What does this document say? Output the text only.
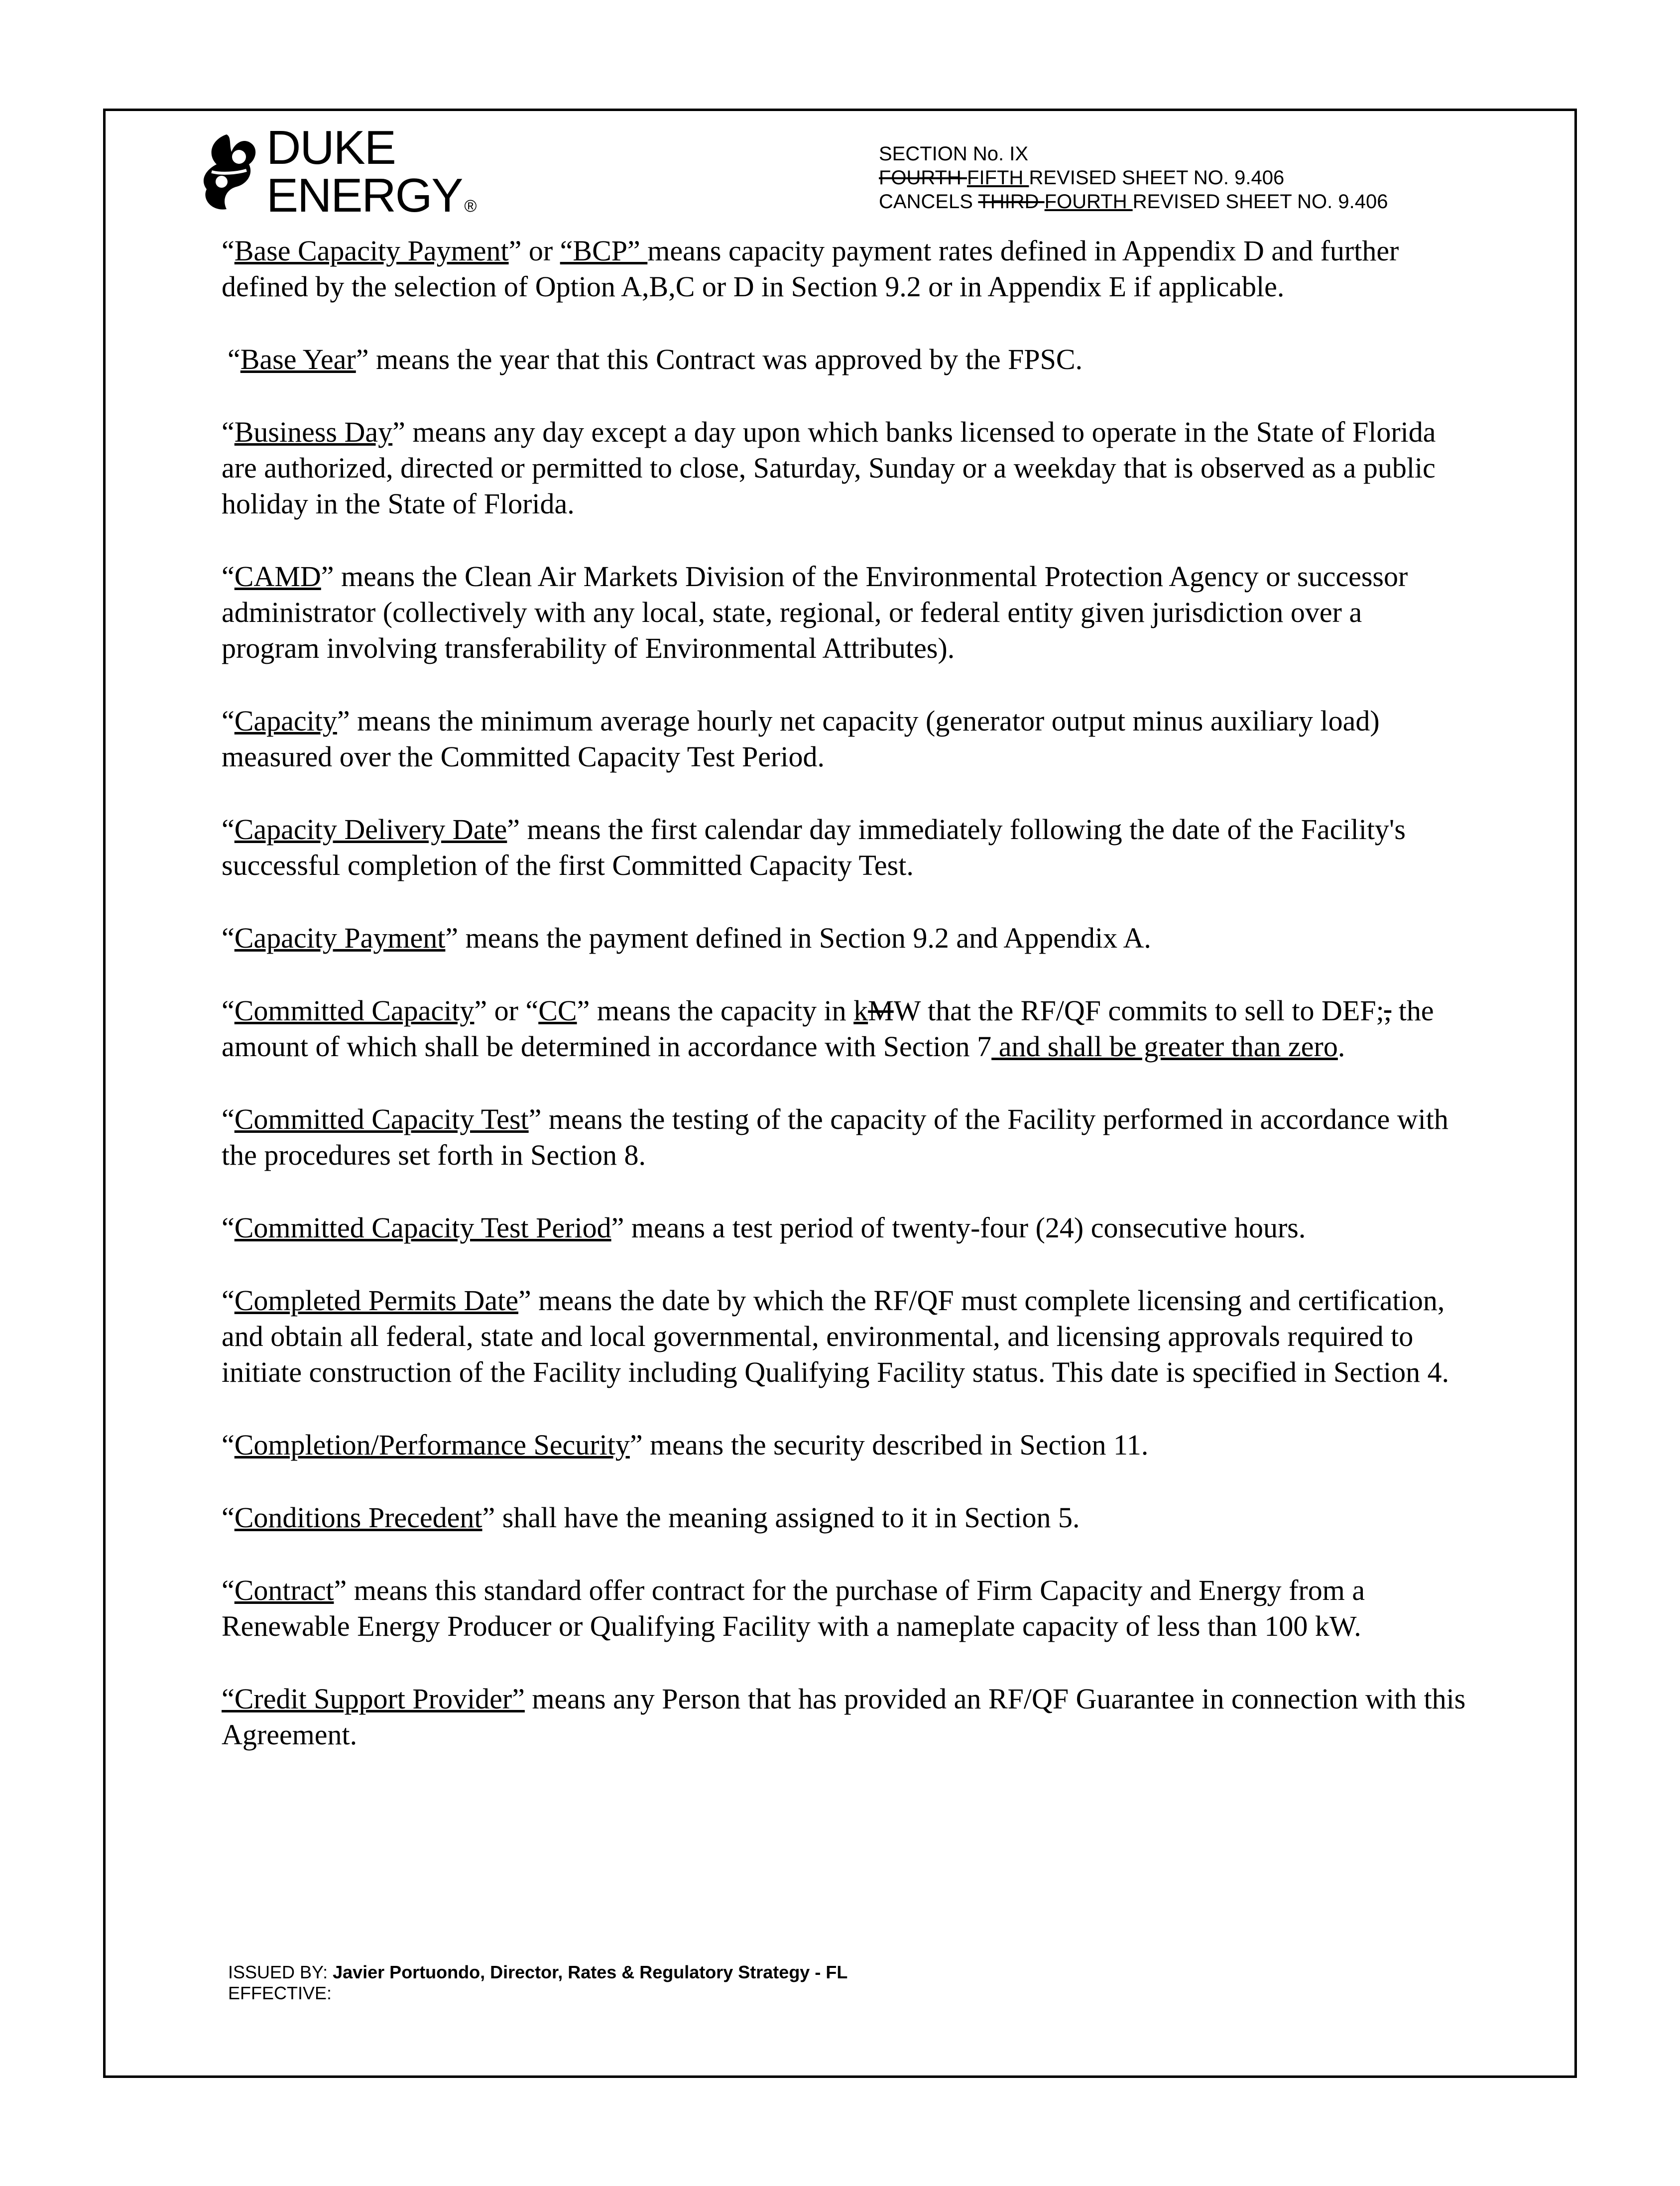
DUKE
ENERGY ®
SECTION No. IX
FOURTH FIFTH REVISED SHEET NO. 9.406
CANCELS THIRD FOURTH REVISED SHEET NO. 9.406

“Base Capacity Payment” or “BCP” means capacity payment rates defined in Appendix D and further defined by the selection of Option A,B,C or D in Section 9.2 or in Appendix E if applicable.

“Base Year” means the year that this Contract was approved by the FPSC.

“Business Day” means any day except a day upon which banks licensed to operate in the State of Florida are authorized, directed or permitted to close, Saturday, Sunday or a weekday that is observed as a public holiday in the State of Florida.

“CAMD” means the Clean Air Markets Division of the Environmental Protection Agency or successor administrator (collectively with any local, state, regional, or federal entity given jurisdiction over a program involving transferability of Environmental Attributes).

“Capacity” means the minimum average hourly net capacity (generator output minus auxiliary load) measured over the Committed Capacity Test Period.

“Capacity Delivery Date” means the first calendar day immediately following the date of the Facility's successful completion of the first Committed Capacity Test.

“Capacity Payment” means the payment defined in Section 9.2 and Appendix A.

“Committed Capacity” or “CC” means the capacity in kMW that the RF/QF commits to sell to DEF;, the amount of which shall be determined in accordance with Section 7 and shall be greater than zero.

“Committed Capacity Test” means the testing of the capacity of the Facility performed in accordance with the procedures set forth in Section 8.

“Committed Capacity Test Period” means a test period of twenty-four (24) consecutive hours.

“Completed Permits Date” means the date by which the RF/QF must complete licensing and certification, and obtain all federal, state and local governmental, environmental, and licensing approvals required to initiate construction of the Facility including Qualifying Facility status. This date is specified in Section 4.

“Completion/Performance Security” means the security described in Section 11.

“Conditions Precedent” shall have the meaning assigned to it in Section 5.

“Contract” means this standard offer contract for the purchase of Firm Capacity and Energy from a Renewable Energy Producer or Qualifying Facility with a nameplate capacity of less than 100 kW.

“Credit Support Provider” means any Person that has provided an RF/QF Guarantee in connection with this Agreement.

ISSUED BY: Javier Portuondo, Director, Rates & Regulatory Strategy - FL
EFFECTIVE:
